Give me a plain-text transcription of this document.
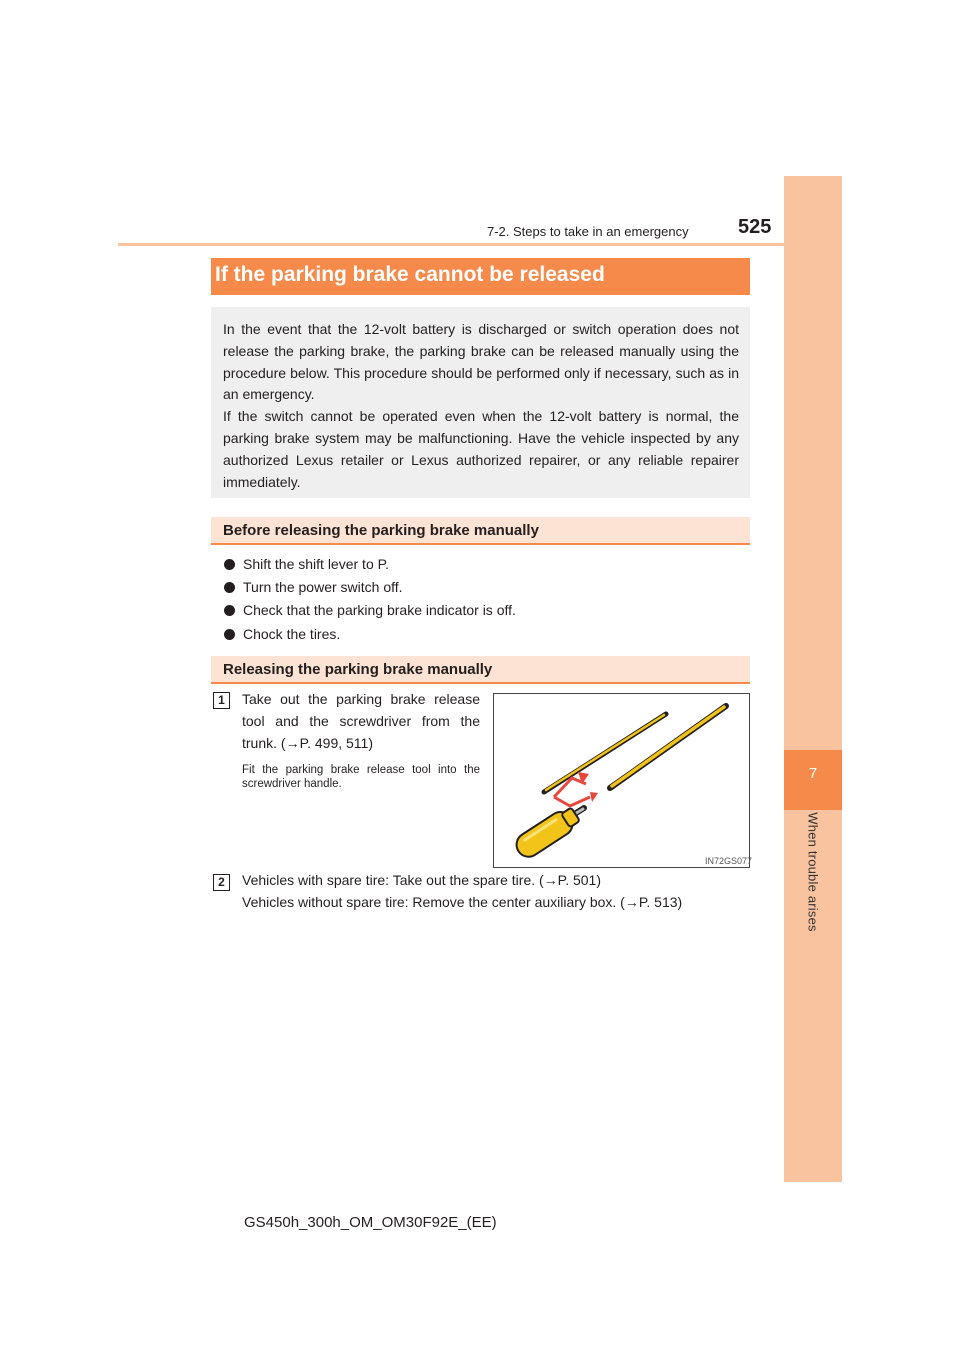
7
When trouble arises
7-2. Steps to take in an emergency 525
If the parking brake cannot be released

In the event that the 12-volt battery is discharged or switch operation does not release the parking brake, the parking brake can be released manually using the procedure below. This procedure should be performed only if necessary, such as in an emergency.

If the switch cannot be operated even when the 12-volt battery is normal, the parking brake system may be malfunctioning. Have the vehicle inspected by any authorized Lexus retailer or Lexus authorized repairer, or any reliable repairer immediately.

Before releasing the parking brake manually
Shift the shift lever to P.
Turn the power switch off.
Check that the parking brake indicator is off.
Chock the tires.
Releasing the parking brake manually
1	Take out the parking brake release tool and the screwdriver from the trunk. (→P. 499, 511)
Fit the parking brake release tool into the screwdriver handle.
IN72GS077
2	Vehicles with spare tire: Take out the spare tire. (→P. 501)
Vehicles without spare tire: Remove the center auxiliary box. (→P. 513)
GS450h_300h_OM_OM30F92E_(EE)
